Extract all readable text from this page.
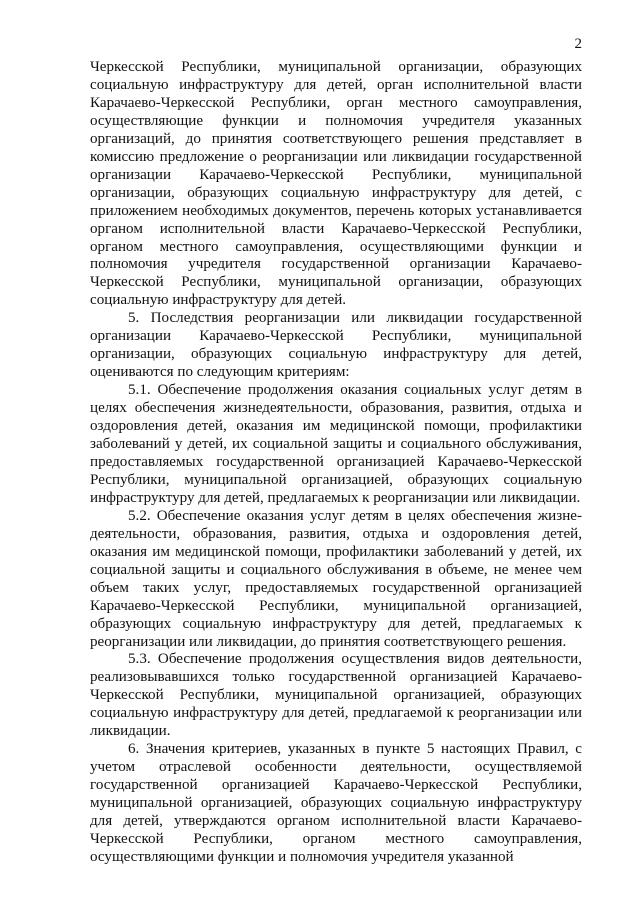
2

Черкесской Республики, муниципальной организации, образующих социальную инфраструктуру для детей, орган исполнительной власти Карачаево-Черкесской Республики, орган местного самоуправления, осуществляющие функции и полномочия учредителя указанных организаций, до принятия соответствующего решения представляет в комиссию предложение о реорганизации или ликвидации государственной организации Карачаево-Черкесской Республики, муниципальной организации, образующих социальную инфраструктуру для детей, с приложением необходимых документов, перечень которых устанавливается органом исполнительной власти Карачаево-Черкесской Республики, органом местного самоуправления, осуществляющими функции и полномочия учредителя государственной организации Карачаево-Черкесской Республики, муниципальной организации, образующих социальную инфраструктуру для детей.

5. Последствия реорганизации или ликвидации государственной организации Карачаево-Черкесской Республики, муниципальной организации, образующих социальную инфраструктуру для детей, оцениваются по следующим критериям:

5.1. Обеспечение продолжения оказания социальных услуг детям в целях обеспечения жизнедеятельности, образования, развития, отдыха и оздоровления детей, оказания им медицинской помощи, профилактики заболеваний у детей, их социальной защиты и социального обслуживания, предоставляемых государственной организацией Карачаево-Черкесской Республики, муниципальной организацией, образующих социальную инфраструктуру для детей, предлагаемых к реорганизации или ликвидации.

5.2. Обеспечение оказания услуг детям в целях обеспечения жизне-деятельности, образования, развития, отдыха и оздоровления детей, оказания им медицинской помощи, профилактики заболеваний у детей, их социальной защиты и социального обслуживания в объеме, не менее чем объем таких услуг, предоставляемых государственной организацией Карачаево-Черкесской Республики, муниципальной организацией, образующих социальную инфраструктуру для детей, предлагаемых к реорганизации или ликвидации, до принятия соответствующего решения.

5.3. Обеспечение продолжения осуществления видов деятельности, реализовывавшихся только государственной организацией Карачаево-Черкесской Республики, муниципальной организацией, образующих социальную инфраструктуру для детей, предлагаемой к реорганизации или ликвидации.

6. Значения критериев, указанных в пункте 5 настоящих Правил, с учетом отраслевой особенности деятельности, осуществляемой государственной организацией Карачаево-Черкесской Республики, муниципальной организацией, образующих социальную инфраструктуру для детей, утверждаются органом исполнительной власти Карачаево-Черкесской Республики, органом местного самоуправления, осуществляющими функции и полномочия учредителя указанной
